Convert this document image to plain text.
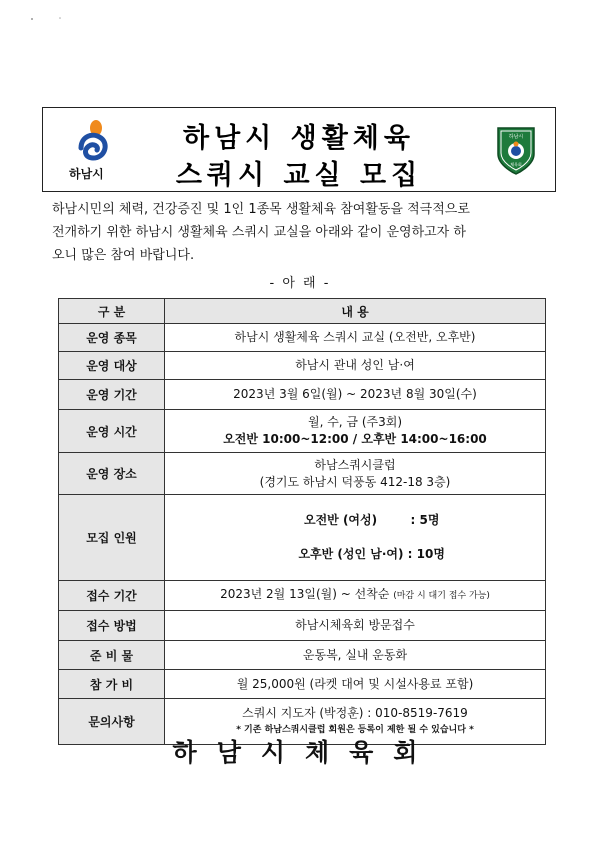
하남시
하남시 생활체육
스쿼시 교실 모집
하남시
체육회
하남시민의 체력, 건강증진 및 1인 1종목 생활체육 참여활동을 적극적으로
전개하기 위한 하남시 생활체육 스쿼시 교실을 아래와 같이 운영하고자 하
오니 많은 참여 바랍니다.
- 아 래 -
구 분	내 용
운영 종목	하남시 생활체육 스쿼시 교실 (오전반, 오후반)
운영 대상	하남시 관내 성인 남·여
운영 기간	2023년 3월 6일(월) ~ 2023년 8월 30일(수)
운영 시간	월, 수, 금 (주3회)
오전반 10:00~12:00 / 오후반 14:00~16:00
운영 장소	하남스쿼시클럽
(경기도 하남시 덕풍동 412-18 3층)
모집 인원	오전반 (여성)        : 5명

오후반 (성인 남·여) : 10명

접수 기간	2023년 2월 13일(월) ~ 선착순 (마감 시 대기 접수 가능)
접수 방법	하남시체육회 방문접수
준 비 물	운동복, 실내 운동화
참 가 비	월 25,000원 (라켓 대여 및 시설사용료 포함)
문의사항	스쿼시 지도자 (박정훈) : 010-8519-7619
* 기존 하남스쿼시클럽 회원은 등록이 제한 될 수 있습니다 *
하남시체육회
